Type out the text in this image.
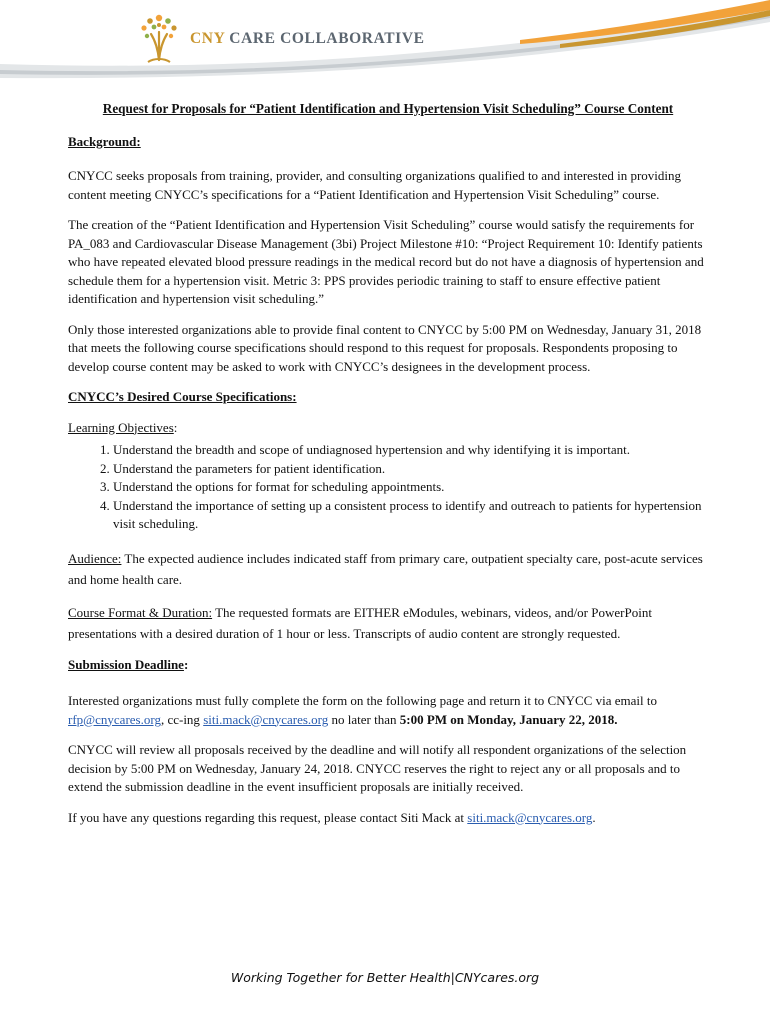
CNY CARE COLLABORATIVE
Request for Proposals for “Patient Identification and Hypertension Visit Scheduling” Course Content
Background:

CNYCC seeks proposals from training, provider, and consulting organizations qualified to and interested in providing content meeting CNYCC’s specifications for a “Patient Identification and Hypertension Visit Scheduling” course.

The creation of the “Patient Identification and Hypertension Visit Scheduling” course would satisfy the requirements for PA_083 and Cardiovascular Disease Management (3bi) Project Milestone #10: “Project Requirement 10: Identify patients who have repeated elevated blood pressure readings in the medical record but do not have a diagnosis of hypertension and schedule them for a hypertension visit. Metric 3: PPS provides periodic training to staff to ensure effective patient identification and hypertension visit scheduling.”

Only those interested organizations able to provide final content to CNYCC by 5:00 PM on Wednesday, January 31, 2018 that meets the following course specifications should respond to this request for proposals. Respondents proposing to develop course content may be asked to work with CNYCC’s designees in the development process.

CNYCC’s Desired Course Specifications:
Learning Objectives:
1. Understand the breadth and scope of undiagnosed hypertension and why identifying it is important.
2. Understand the parameters for patient identification.
3. Understand the options for format for scheduling appointments.
4. Understand the importance of setting up a consistent process to identify and outreach to patients for hypertension visit scheduling.

Audience: The expected audience includes indicated staff from primary care, outpatient specialty care, post-acute services and home health care.

Course Format & Duration: The requested formats are EITHER eModules, webinars, videos, and/or PowerPoint presentations with a desired duration of 1 hour or less. Transcripts of audio content are strongly requested.

Submission Deadline:

Interested organizations must fully complete the form on the following page and return it to CNYCC via email to rfp@cnycares.org, cc-ing siti.mack@cnycares.org no later than 5:00 PM on Monday, January 22, 2018.

CNYCC will review all proposals received by the deadline and will notify all respondent organizations of the selection decision by 5:00 PM on Wednesday, January 24, 2018. CNYCC reserves the right to reject any or all proposals and to extend the submission deadline in the event insufficient proposals are initially received.

If you have any questions regarding this request, please contact Siti Mack at siti.mack@cnycares.org.

Working Together for Better Health|CNYcares.org
